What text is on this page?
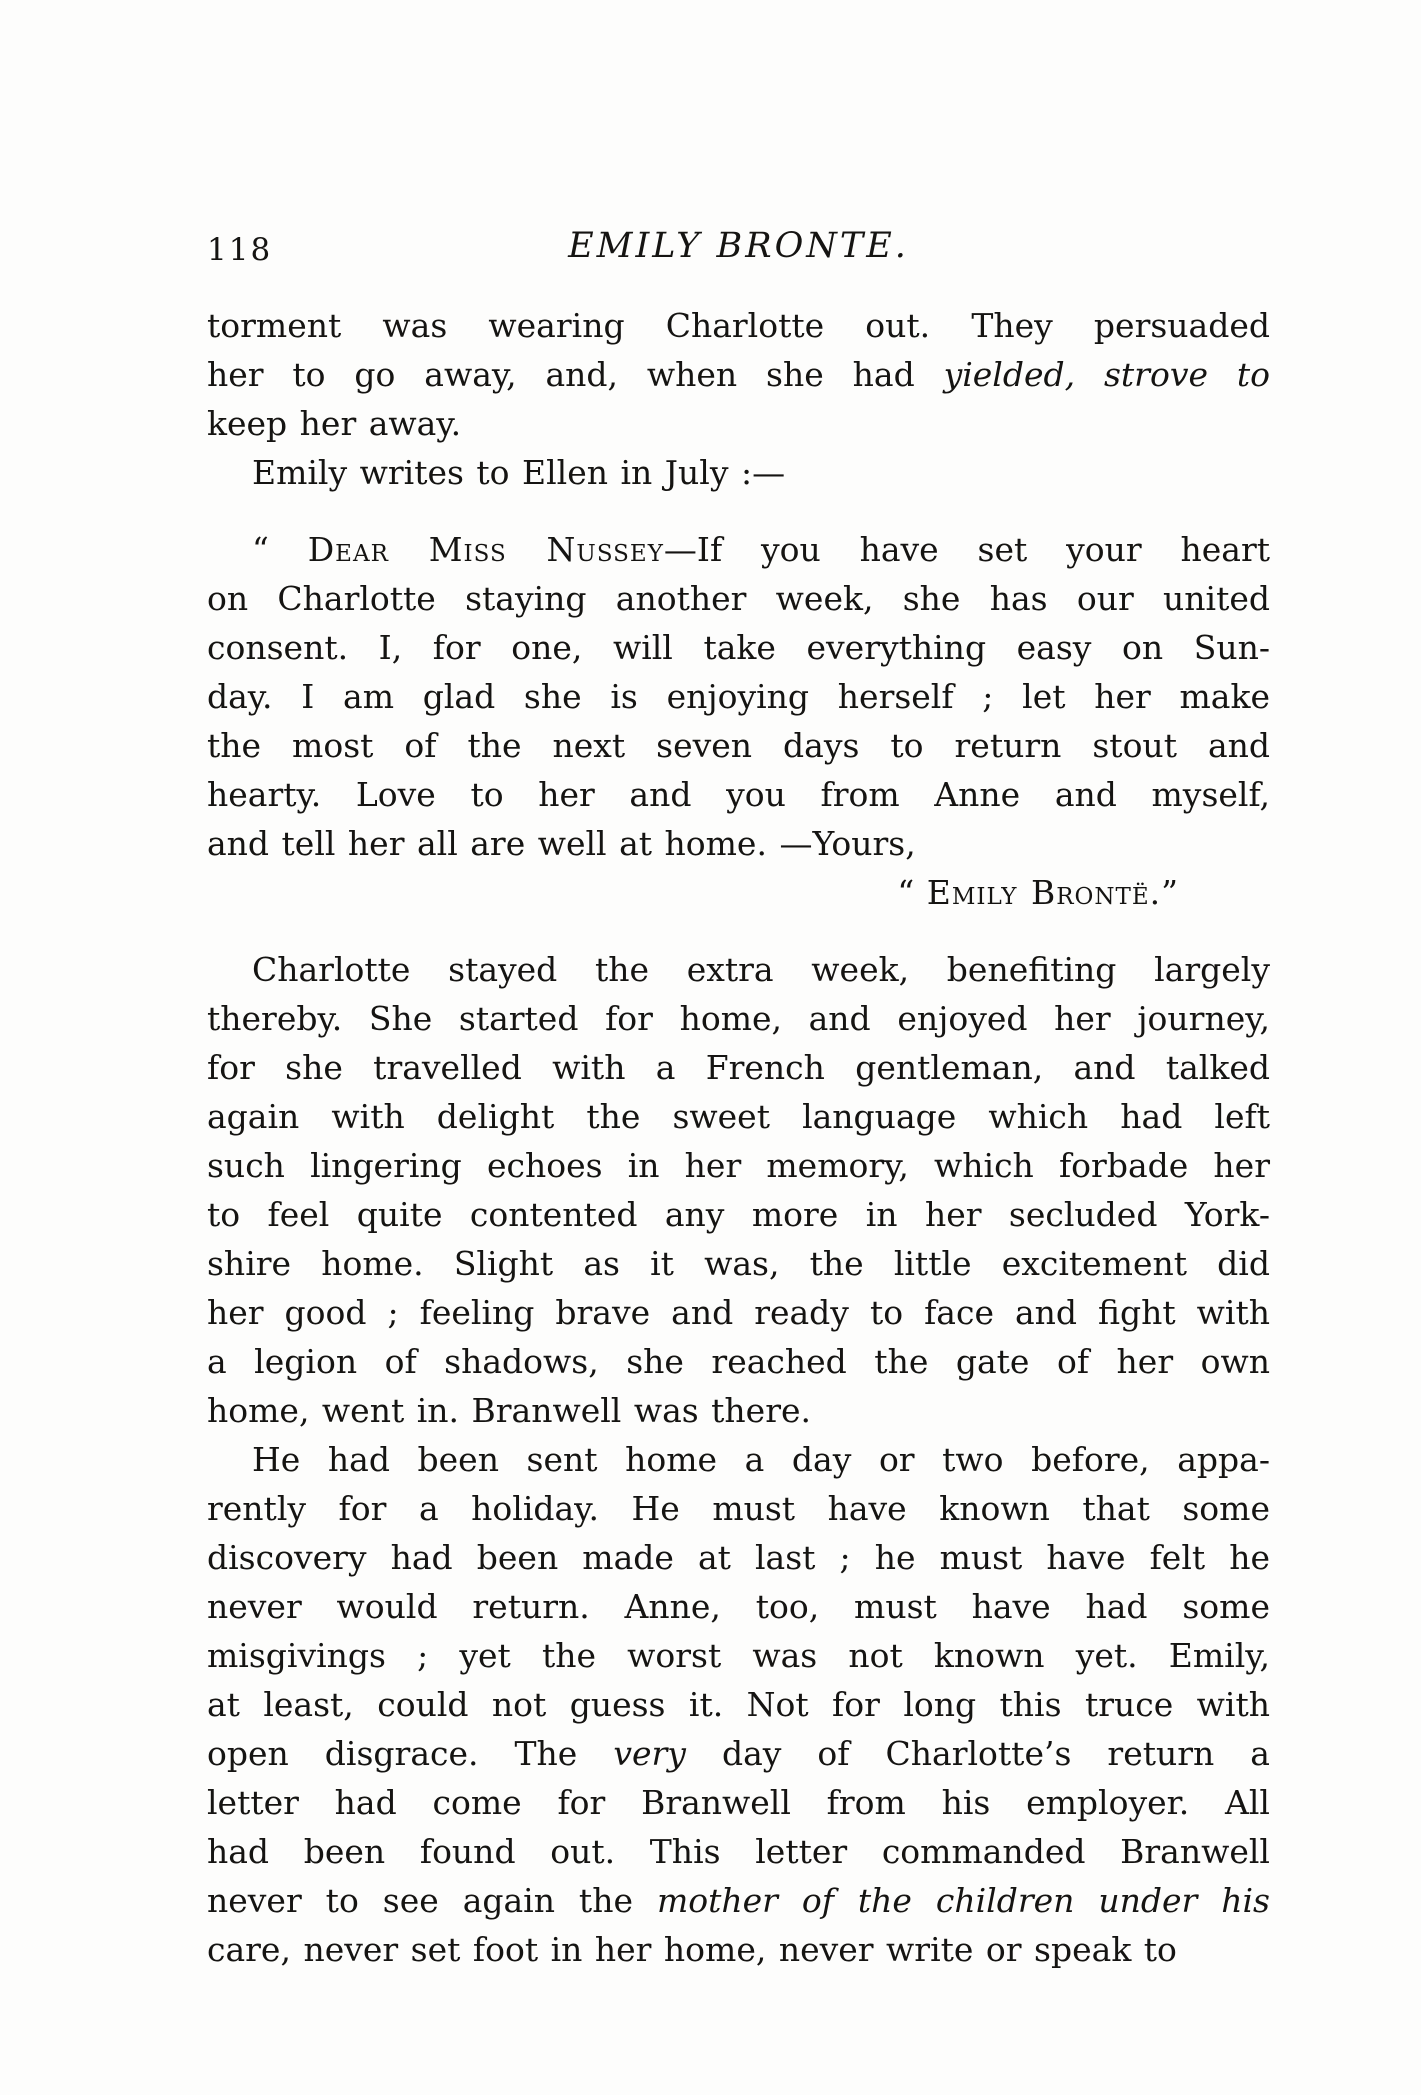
118	EMILY BRONTE.
torment was wearing Charlotte out. They persuaded
her to go away, and, when she had yielded, strove to
keep her away.
Emily writes to Ellen in July :—
“ Dear Miss Nussey—If you have set your heart
on Charlotte staying another week, she has our united
consent. I, for one, will take everything easy on Sun-
day. I am glad she is enjoying herself ; let her make
the most of the next seven days to return stout and
hearty. Love to her and you from Anne and myself,
and tell her all are well at home. —Yours,
“ Emily Brontë.”
Charlotte stayed the extra week, benefiting largely
thereby. She started for home, and enjoyed her journey,
for she travelled with a French gentleman, and talked
again with delight the sweet language which had left
such lingering echoes in her memory, which forbade her
to feel quite contented any more in her secluded York-
shire home. Slight as it was, the little excitement did
her good ; feeling brave and ready to face and fight with
a legion of shadows, she reached the gate of her own
home, went in. Branwell was there.
He had been sent home a day or two before, appa-
rently for a holiday. He must have known that some
discovery had been made at last ; he must have felt he
never would return. Anne, too, must have had some
misgivings ; yet the worst was not known yet. Emily,
at least, could not guess it. Not for long this truce with
open disgrace. The very day of Charlotte’s return a
letter had come for Branwell from his employer. All
had been found out. This letter commanded Branwell
never to see again the mother of the children under his
care, never set foot in her home, never write or speak to
